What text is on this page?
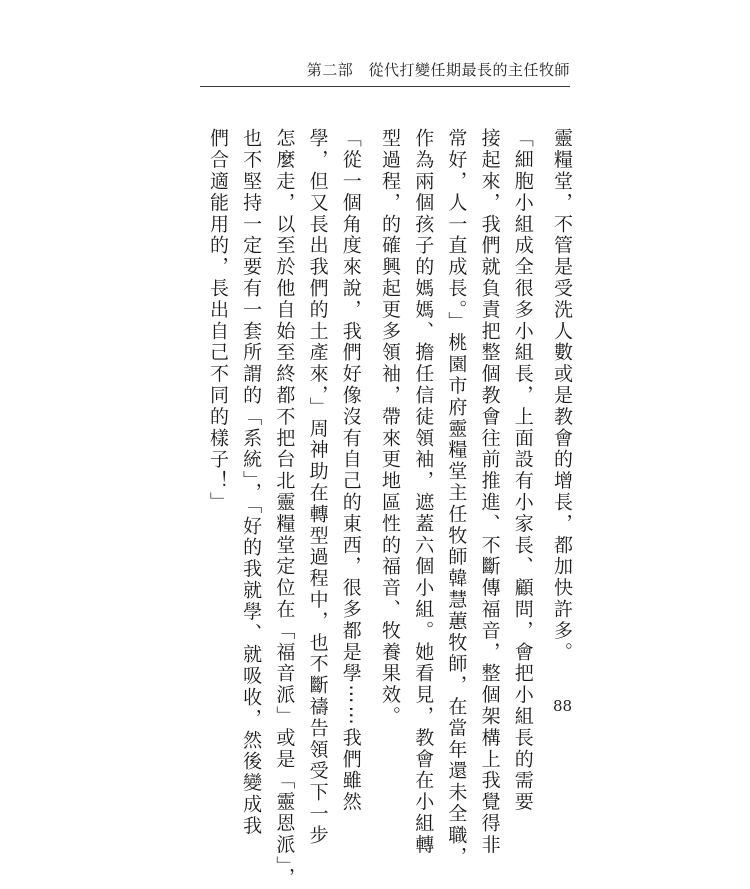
第二部 從代打變任期最長的主任牧師

靈糧堂，不管是受洗人數或是教會的增長，都加快許多。

「細胞小組成全很多小組長，上面設有小家長、顧問，會把小組長的需要

接起來，我們就負責把整個教會往前推進、不斷傳福音，整個架構上我覺得非

常好，人一直成長。」桃園市府靈糧堂主任牧師韓慧蕙牧師，在當年還未全職，

作為兩個孩子的媽媽、擔任信徒領袖，遮蓋六個小組。她看見，教會在小組轉

型過程，的確興起更多領袖，帶來更地區性的福音、牧養果效。

「從一個角度來說，我們好像沒有自己的東西，很多都是學⋯⋯我們雖然

學，但又長出我們的土產來，」周神助在轉型過程中，也不斷禱告領受下一步

怎麼走，以至於他自始至終都不把台北靈糧堂定位在「福音派」或是「靈恩派」，

也不堅持一定要有一套所謂的「系統」，「好的我就學、就吸收，然後變成我

們合適能用的，長出自己不同的樣子！」

88
